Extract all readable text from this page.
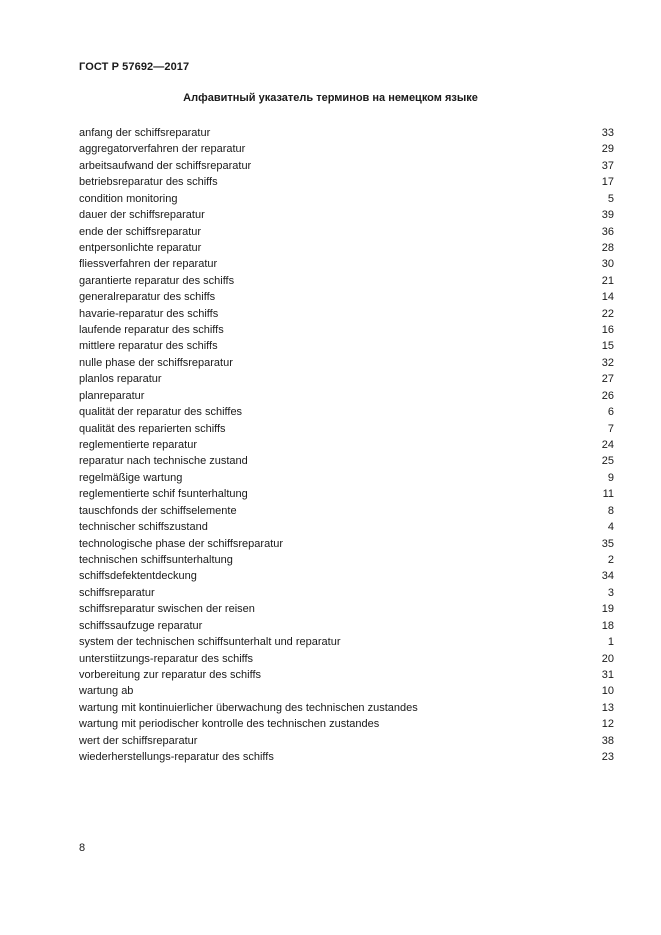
ГОСТ Р 57692—2017
Алфавитный указатель терминов на немецком языке
anfang der schiffsreparatur	33
aggregatorverfahren der reparatur	29
arbeitsaufwand der schiffsreparatur	37
betriebsreparatur des schiffs	17
condition monitoring	5
dauer der schiffsreparatur	39
ende der schiffsreparatur	36
entpersonlichte reparatur	28
fliessverfahren der reparatur	30
garantierte reparatur des schiffs	21
generalreparatur des schiffs	14
havarie-reparatur des schiffs	22
laufende reparatur des schiffs	16
mittlere reparatur des schiffs	15
nulle phase der schiffsreparatur	32
planlos reparatur	27
planreparatur	26
qualität der reparatur des schiffes	6
qualität des reparierten schiffs	7
reglementierte reparatur	24
reparatur nach technische zustand	25
regelmäßige wartung	9
reglementierte schif fsunterhaltung	11
tauschfonds der schiffselemente	8
technischer schiffszustand	4
technologische phase der schiffsreparatur	35
technischen schiffsunterhaltung	2
schiffsdefektentdeckung	34
schiffsreparatur	3
schiffsreparatur swischen der reisen	19
schiffssaufzuge reparatur	18
system der technischen schiffsunterhalt und reparatur	1
unterstiitzungs-reparatur des schiffs	20
vorbereitung zur reparatur des schiffs	31
wartung ab	10
wartung mit kontinuierlicher überwachung des technischen zustandes	13
wartung mit periodischer kontrolle des technischen zustandes	12
wert der schiffsreparatur	38
wiederherstellungs-reparatur des schiffs	23
8
